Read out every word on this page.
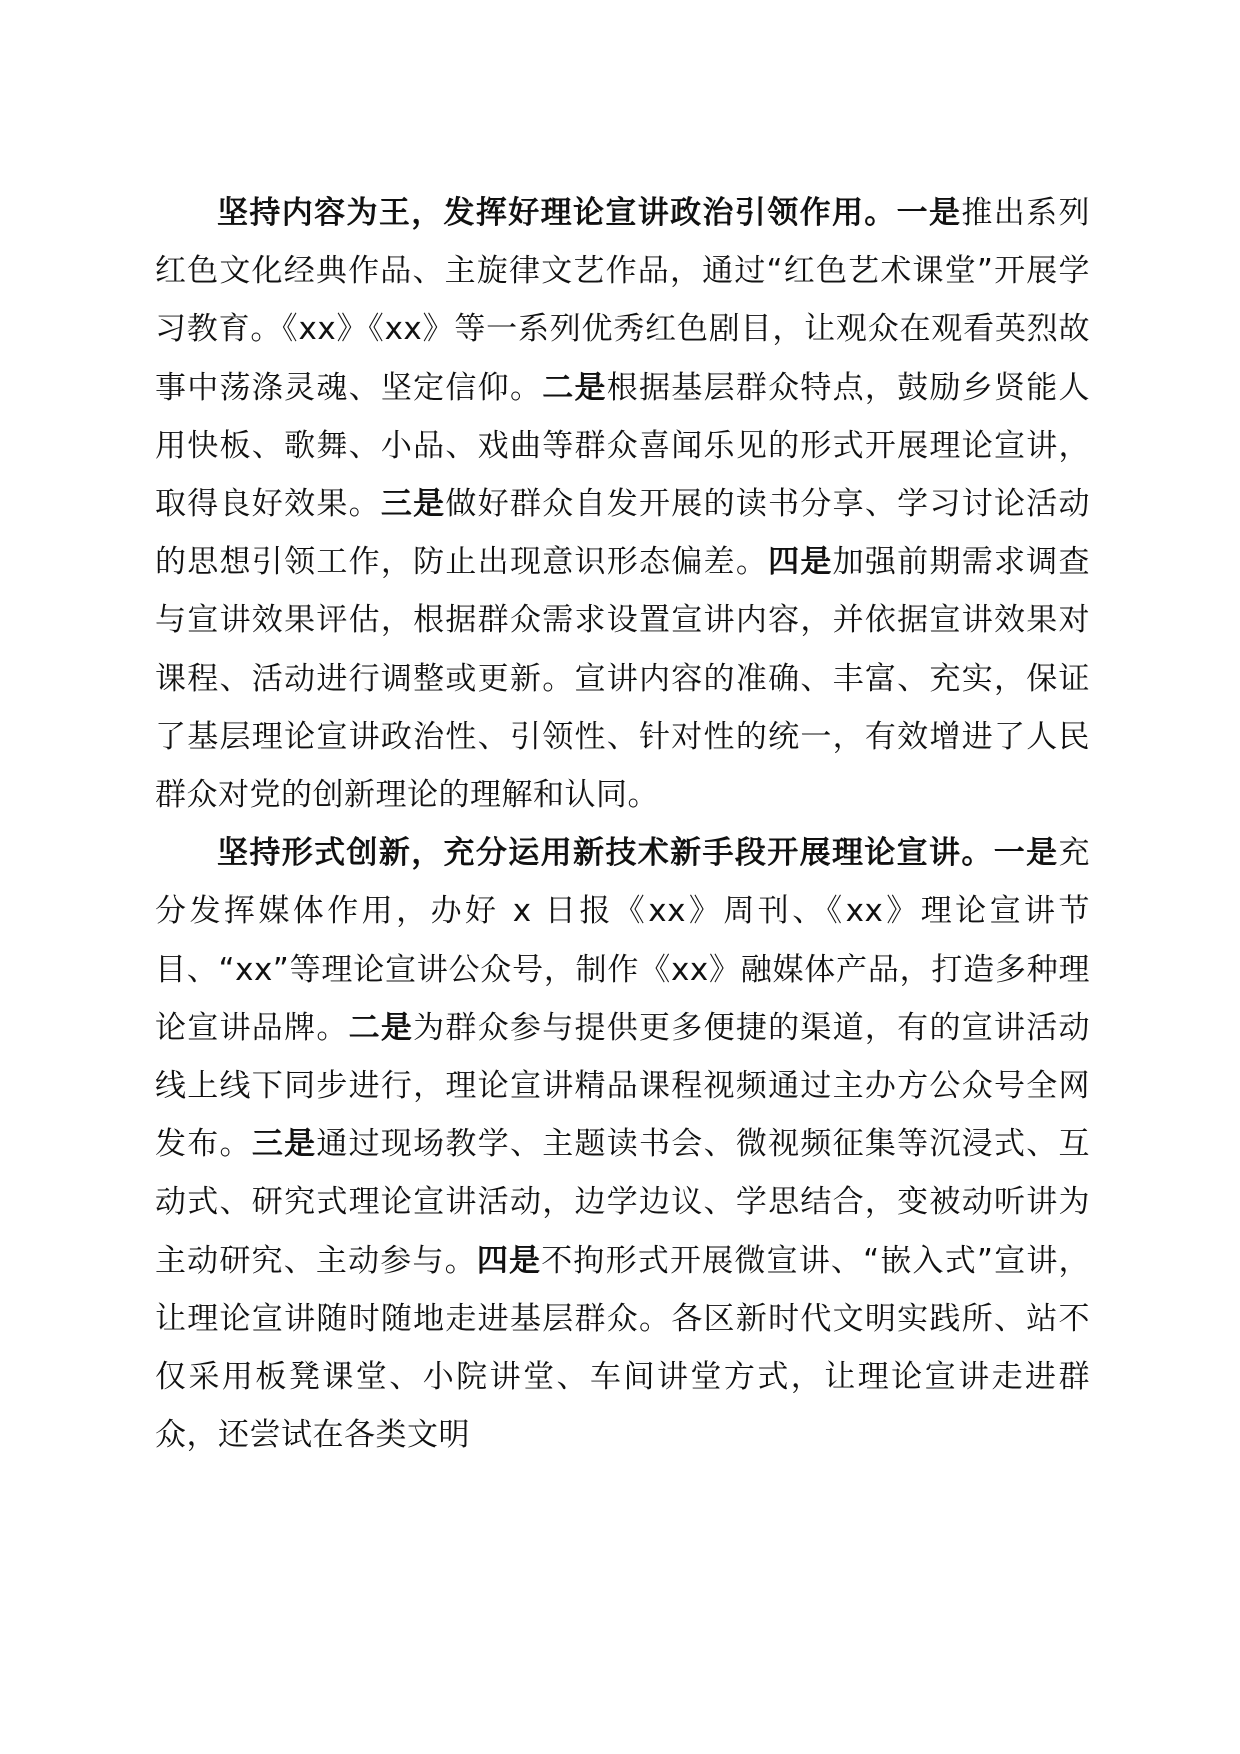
坚持内容为王，发挥好理论宣讲政治引领作用。一是推出系列红色文化经典作品、主旋律文艺作品，通过“红色艺术课堂”开展学习教育。《xx》《xx》等一系列优秀红色剧目，让观众在观看英烈故事中荡涤灵魂、坚定信仰。二是根据基层群众特点，鼓励乡贤能人用快板、歌舞、小品、戏曲等群众喜闻乐见的形式开展理论宣讲，取得良好效果。三是做好群众自发开展的读书分享、学习讨论活动的思想引领工作，防止出现意识形态偏差。四是加强前期需求调查与宣讲效果评估，根据群众需求设置宣讲内容，并依据宣讲效果对课程、活动进行调整或更新。宣讲内容的准确、丰富、充实，保证了基层理论宣讲政治性、引领性、针对性的统一，有效增进了人民群众对党的创新理论的理解和认同。

坚持形式创新，充分运用新技术新手段开展理论宣讲。一是充分发挥媒体作用，办好 x 日报《xx》周刊、《xx》理论宣讲节目、“xx”等理论宣讲公众号，制作《xx》融媒体产品，打造多种理论宣讲品牌。二是为群众参与提供更多便捷的渠道，有的宣讲活动线上线下同步进行，理论宣讲精品课程视频通过主办方公众号全网发布。三是通过现场教学、主题读书会、微视频征集等沉浸式、互动式、研究式理论宣讲活动，边学边议、学思结合，变被动听讲为主动研究、主动参与。四是不拘形式开展微宣讲、“嵌入式”宣讲，让理论宣讲随时随地走进基层群众。各区新时代文明实践所、站不仅采用板凳课堂、小院讲堂、车间讲堂方式，让理论宣讲走进群众，还尝试在各类文明
